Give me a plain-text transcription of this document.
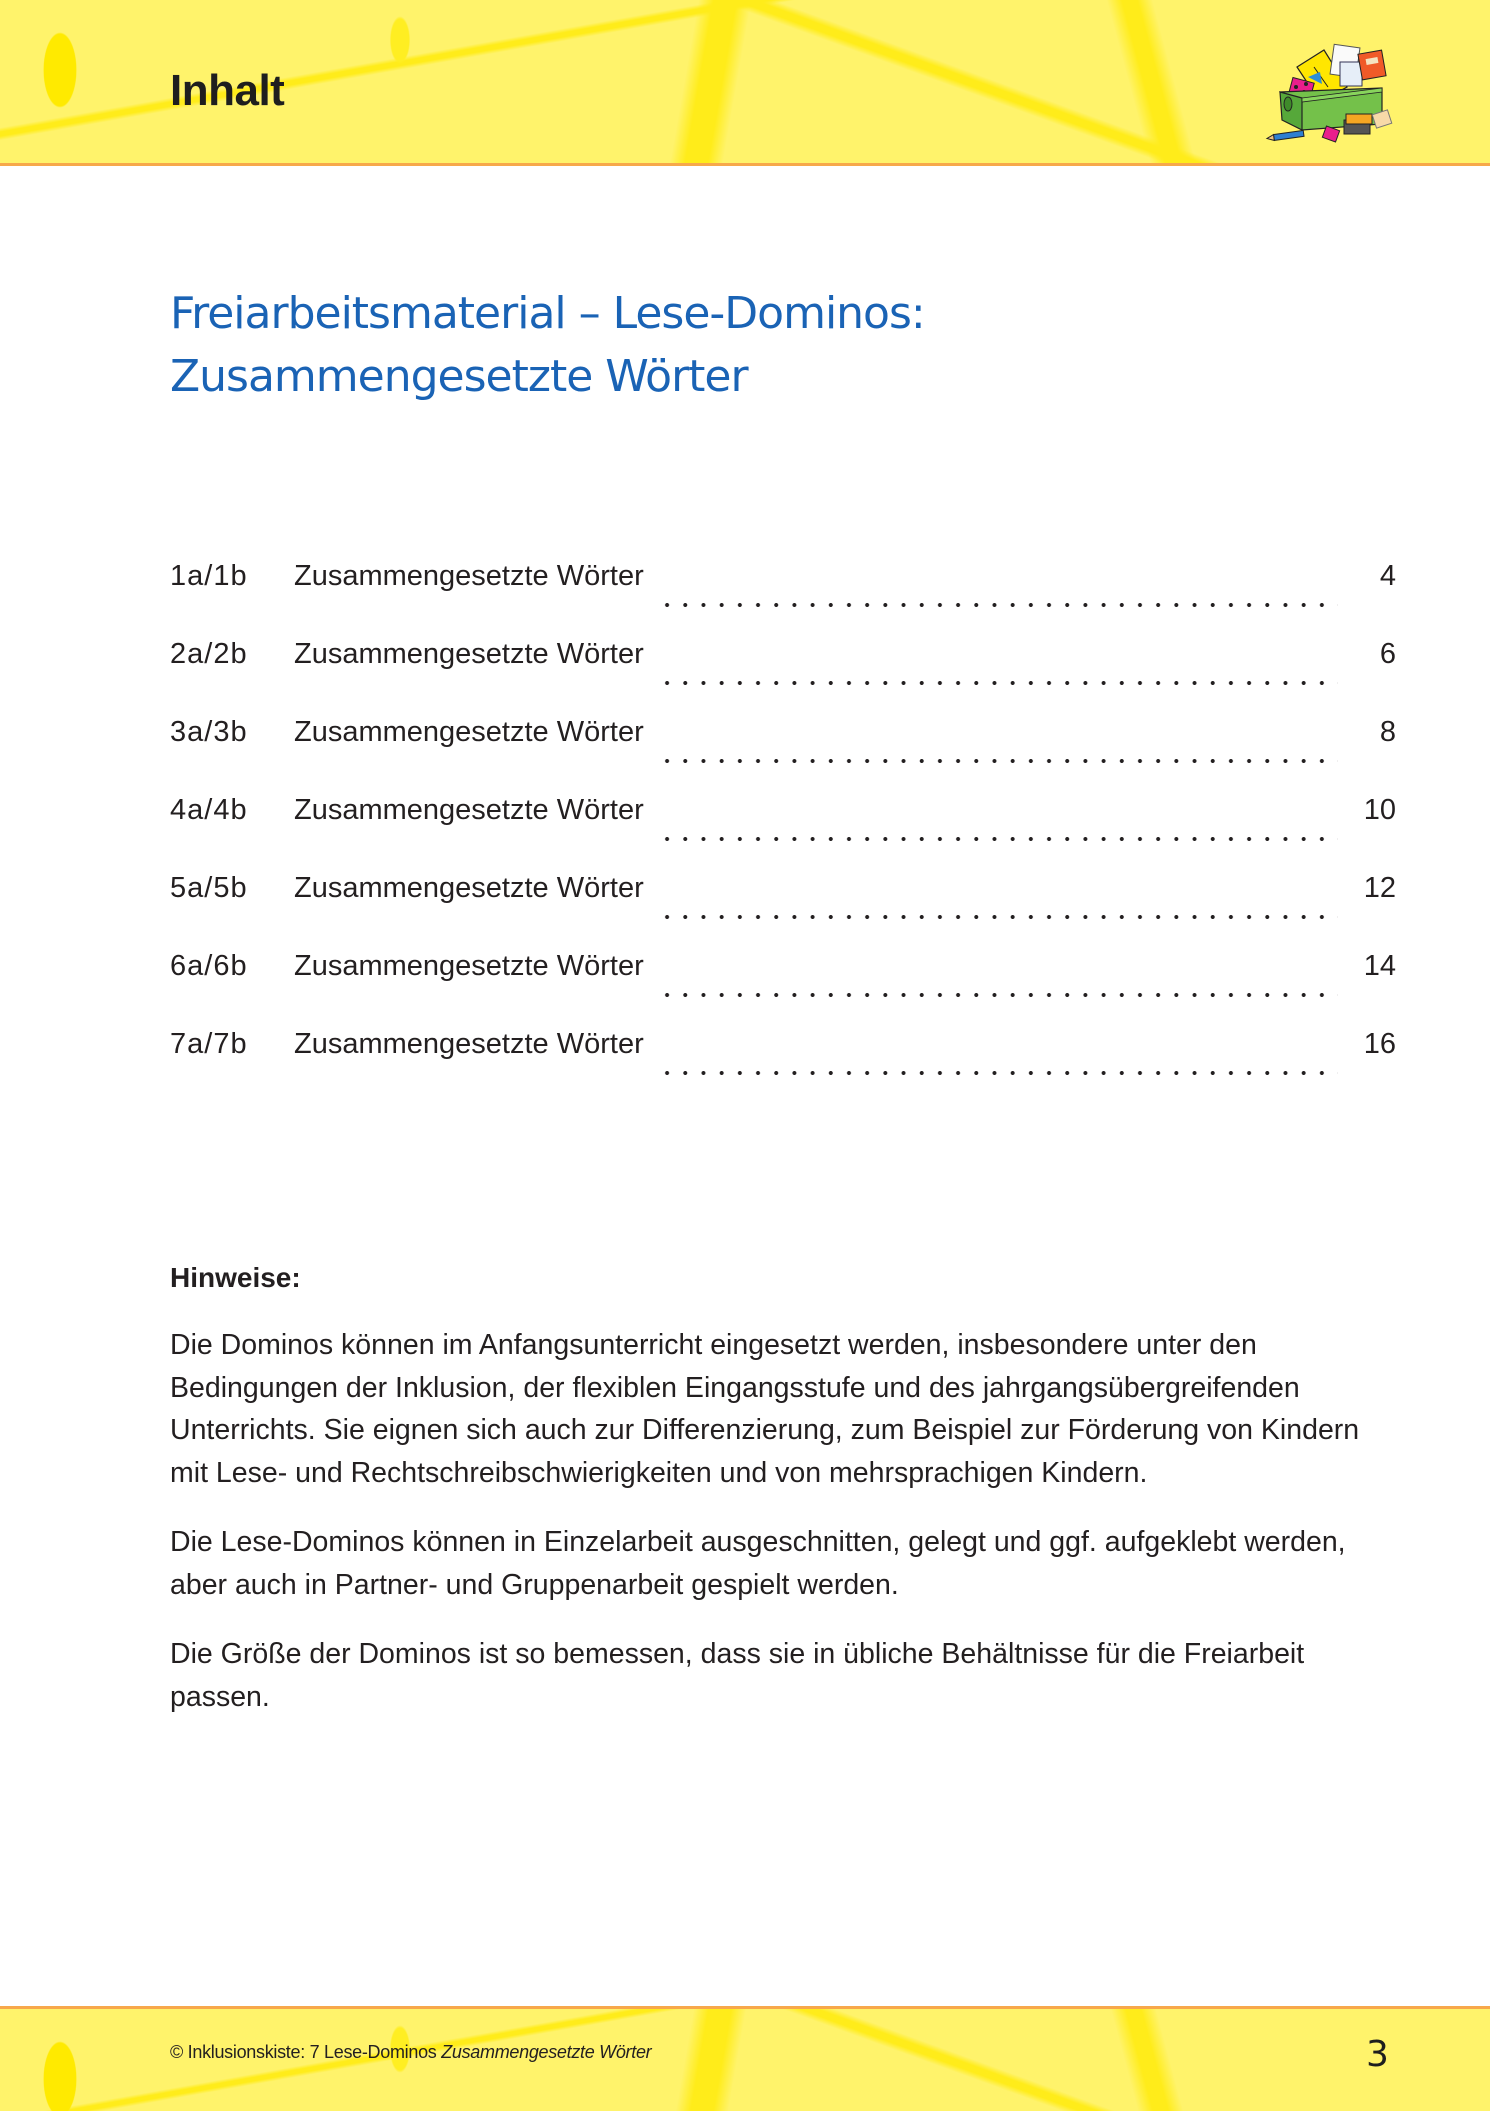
Inhalt
Freiarbeitsmaterial – Lese-Dominos:
Zusammengesetzte Wörter
1a/1b	Zusammengesetzte Wörter	4
2a/2b	Zusammengesetzte Wörter	6
3a/3b	Zusammengesetzte Wörter	8
4a/4b	Zusammengesetzte Wörter	10
5a/5b	Zusammengesetzte Wörter	12
6a/6b	Zusammengesetzte Wörter	14
7a/7b	Zusammengesetzte Wörter	16
Hinweise:

Die Dominos können im Anfangsunterricht eingesetzt werden, insbesondere unter den Bedingungen der Inklusion, der flexiblen Eingangsstufe und des jahrgangsübergreifenden Unterrichts. Sie eignen sich auch zur Differenzierung, zum Beispiel zur Förderung von Kindern mit Lese- und Rechtschreibschwierigkeiten und von mehrsprachigen Kindern.

Die Lese-Dominos können in Einzelarbeit ausgeschnitten, gelegt und ggf. aufgeklebt werden, aber auch in Partner- und Gruppenarbeit gespielt werden.

Die Größe der Dominos ist so bemessen, dass sie in übliche Behältnisse für die Freiarbeit passen.

© Inklusionskiste: 7 Lese-Dominos Zusammengesetzte Wörter	3
